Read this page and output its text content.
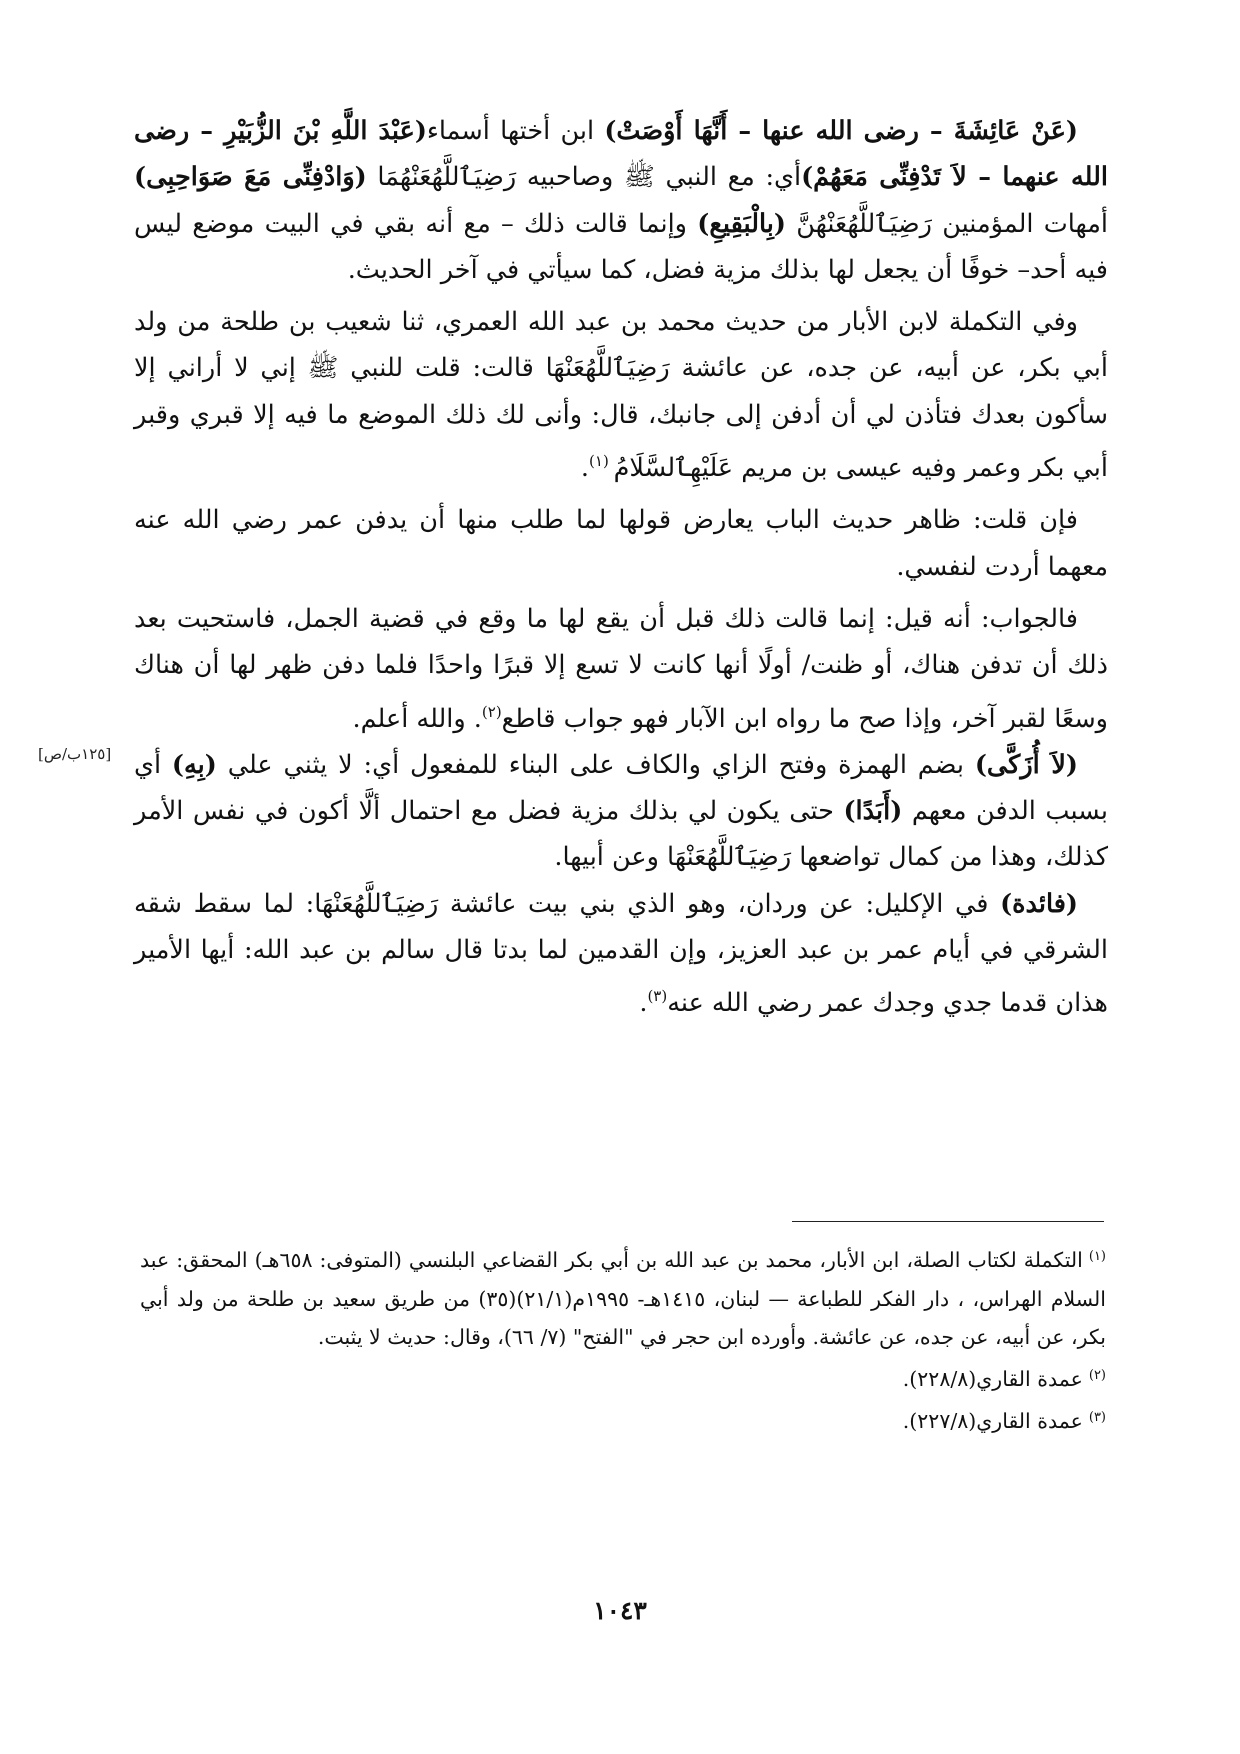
(عَنْ عَائِشَةَ – رضى الله عنها – أَنَّهَا أَوْصَتْ) ابن أختها أسماء(عَبْدَ اللَّهِ بْنَ الزُّبَيْرِ – رضى الله عنهما – لاَ تَدْفِنِّى مَعَهُمْ)أي: مع النبي ﷺ وصاحبيه رَضِيَٱللَّهُعَنْهُمَا (وَادْفِنِّى مَعَ صَوَاحِبِى) أمهات المؤمنين رَضِيَٱللَّهُعَنْهُنَّ (بِالْبَقِيعِ) وإنما قالت ذلك – مع أنه بقي في البيت موضع ليس فيه أحد– خوفًا أن يجعل لها بذلك مزية فضل، كما سيأتي في آخر الحديث.

وفي التكملة لابن الأبار من حديث محمد بن عبد الله العمري، ثنا شعيب بن طلحة من ولد أبي بكر، عن أبيه، عن جده، عن عائشة رَضِيَٱللَّهُعَنْهَا قالت: قلت للنبي ﷺ إني لا أراني إلا سأكون بعدك فتأذن لي أن أدفن إلى جانبك، قال: وأنى لك ذلك الموضع ما فيه إلا قبري وقبر أبي بكر وعمر وفيه عيسى بن مريم عَلَيْهِٱلسَّلَامُ $^{(١)}$.

فإن قلت: ظاهر حديث الباب يعارض قولها لما طلب منها أن يدفن عمر رضي الله عنه معهما أردت لنفسي.

فالجواب: أنه قيل: إنما قالت ذلك قبل أن يقع لها ما وقع في قضية الجمل، فاستحيت بعد ذلك أن تدفن هناك، أو ظنت/ أولًا أنها كانت لا تسع إلا قبرًا واحدًا فلما دفن ظهر لها أن هناك وسعًا لقبر آخر، وإذا صح ما رواه ابن الآبار فهو جواب قاطع$^{(٢)}$. والله أعلم.

(لاَ أُزَكَّى) بضم الهمزة وفتح الزاي والكاف على البناء للمفعول أي: لا يثني علي (بِهِ) أي بسبب الدفن معهم (أَبَدًا) حتى يكون لي بذلك مزية فضل مع احتمال ألَّا أكون في نفس الأمر كذلك، وهذا من كمال تواضعها رَضِيَٱللَّهُعَنْهَا وعن أبيها.

(فائدة) في الإكليل: عن وردان، وهو الذي بني بيت عائشة رَضِيَٱللَّهُعَنْهَا: لما سقط شقه الشرقي في أيام عمر بن عبد العزيز، وإن القدمين لما بدتا قال سالم بن عبد الله: أيها الأمير هذان قدما جدي وجدك عمر رضي الله عنه$^{(٣)}$.

[١٢٥ب/ص]

$^{(١)}$التكملة لكتاب الصلة، ابن الأبار، محمد بن عبد الله بن أبي بكر القضاعي البلنسي (المتوفى: ٦٥٨هـ) المحقق: عبد السلام الهراس، ، دار الفكر للطباعة — لبنان، ١٤١٥هـ- ١٩٩٥م(٢١/١)(٣٥) من طريق سعيد بن طلحة من ولد أبي بكر، عن أبيه، عن جده، عن عائشة. وأورده ابن حجر في "الفتح" (٧/ ٦٦)، وقال: حديث لا يثبت.

$^{(٢)}$عمدة القاري(٢٢٨/٨).

$^{(٣)}$عمدة القاري(٢٢٧/٨).

١٠٤٣
